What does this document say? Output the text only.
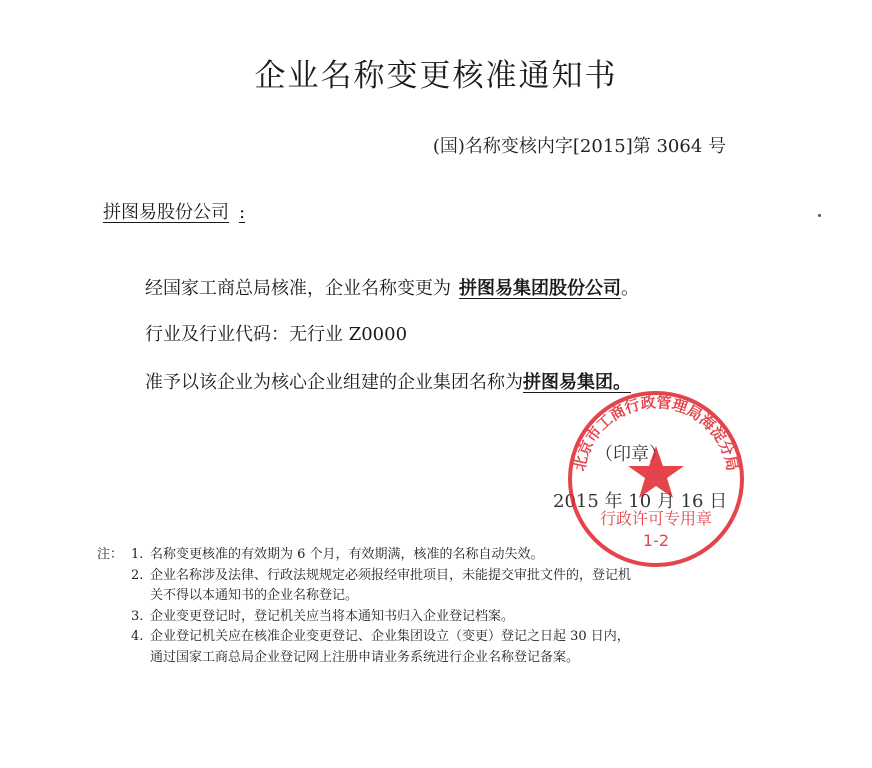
企业名称变更核准通知书
(国)名称变核内字[2015]第 3064 号
拼图易股份公司 :
经国家工商总局核准，企业名称变更为 拼图易集团股份公司。
行业及行业代码：无行业 Z0000
准予以该企业为核心企业组建的企业集团名称为拼图易集团。
（印章）
2015 年 10 月 16 日
北京市工商行政管理局海淀分局
行政许可专用章
1-2
注： 1. 名称变更核准的有效期为 6 个月，有效期满，核准的名称自动失效。
2. 企业名称涉及法律、行政法规规定必须报经审批项目，未能提交审批文件的，登记机
关不得以本通知书的企业名称登记。
3. 企业变更登记时，登记机关应当将本通知书归入企业登记档案。
4. 企业登记机关应在核准企业变更登记、企业集团设立（变更）登记之日起 30 日内，
通过国家工商总局企业登记网上注册申请业务系统进行企业名称登记备案。
